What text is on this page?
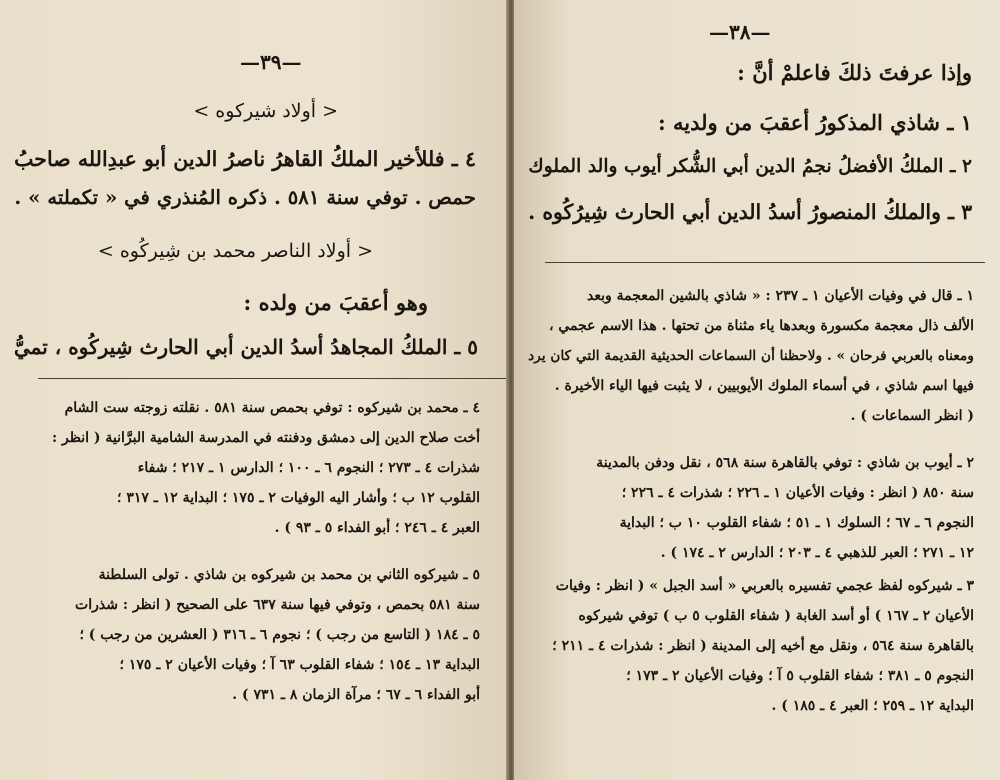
—٣٩—
< أولاد شيركوه >
٤ ـ فللأخير الملكُ القاهرُ ناصرُ الدين أبو عبدِالله صاحبُ
حمص . توفي سنة ٥٨١ . ذكره المُنذري في « تكملته » .
< أولاد الناصر محمد بن شِيركُوه >
وهو أعقبَ من ولده :
٥ ـ الملكُ المجاهدُ أسدُ الدين أبي الحارث شِيركُوه ، تميُّ
٤ ـ محمد بن شيركوه : توفي بحمص سنة ٥٨١ . نقلته زوجته ست الشام
أخت صلاح الدين إلى دمشق ودفنته في المدرسة الشامية البرَّانية ( انظر :
شذرات ٤ ـ ٢٧٣ ؛ النجوم ٦ ـ ١٠٠ ؛ الدارس ١ ـ ٢١٧ ؛ شفاء
القلوب ١٢ ب ؛ وأشار اليه الوفيات ٢ ـ ١٧٥ ؛ البداية ١٢ ـ ٣١٧ ؛
العبر ٤ ـ ٢٤٦ ؛ أبو الفداء ٥ ـ ٩٣ ) .
٥ ـ شيركوه الثاني بن محمد بن شيركوه بن شاذي . تولى السلطنة
سنة ٥٨١ بحمص ، وتوفي فيها سنة ٦٣٧ على الصحيح ( انظر : شذرات
٥ ـ ١٨٤ ( التاسع من رجب ) ؛ نجوم ٦ ـ ٣١٦ ( العشرين من رجب ) ؛
البداية ١٣ ـ ١٥٤ ؛ شفاء القلوب ٦٣ آ ؛ وفيات الأعيان ٢ ـ ١٧٥ ؛
أبو الفداء ٦ ـ ٦٧ ؛ مرآة الزمان ٨ ـ ٧٣١ ) .
—٣٨—
وإذا عرفتَ ذلكَ فاعلمْ أنَّ :
١ ـ شاذي المذكورُ أعقبَ من ولديه :
٢ ـ الملكُ الأفضلُ نجمُ الدين أبي الشُّكر أيوب والد الملوك
٣ ـ والملكُ المنصورُ أسدُ الدين أبي الحارث شِيرُكُوه .
١ ـ قال في وفيات الأعيان ١ ـ ٢٣٧ : « شاذي بالشين المعجمة وبعد
الألف ذال معجمة مكسورة وبعدها ياء مثناة من تحتها . هذا الاسم عجمي ،
ومعناه بالعربي فرحان » . ولاحظنا أن السماعات الحديثية القديمة التي كان يرد
فيها اسم شاذي ، في أسماء الملوك الأيوبيين ، لا يثبت فيها الياء الأخيرة .
( انظر السماعات ) .
٢ ـ أيوب بن شاذي : توفي بالقاهرة سنة ٥٦٨ ، نقل ودفن بالمدينة
سنة ٨٥٠ ( انظر : وفيات الأعيان ١ ـ ٢٢٦ ؛ شذرات ٤ ـ ٢٢٦ ؛
النجوم ٦ ـ ٦٧ ؛ السلوك ١ ـ ٥١ ؛ شفاء القلوب ١٠ ب ؛ البداية
١٢ ـ ٢٧١ ؛ العبر للذهبي ٤ ـ ٢٠٣ ؛ الدارس ٢ ـ ١٧٤ ) .
٣ ـ شيركوه لفظ عجمي تفسيره بالعربي « أسد الجبل » ( انظر : وفيات
الأعيان ٢ ـ ١٦٧ ) أو أسد الغابة ( شفاء القلوب ٥ ب ) توفي شيركوه
بالقاهرة سنة ٥٦٤ ، ونقل مع أخيه إلى المدينة ( انظر : شذرات ٤ ـ ٢١١ ؛
النجوم ٥ ـ ٣٨١ ؛ شفاء القلوب ٥ آ ؛ وفيات الأعيان ٢ ـ ١٧٣ ؛
البداية ١٢ ـ ٢٥٩ ؛ العبر ٤ ـ ١٨٥ ) .
